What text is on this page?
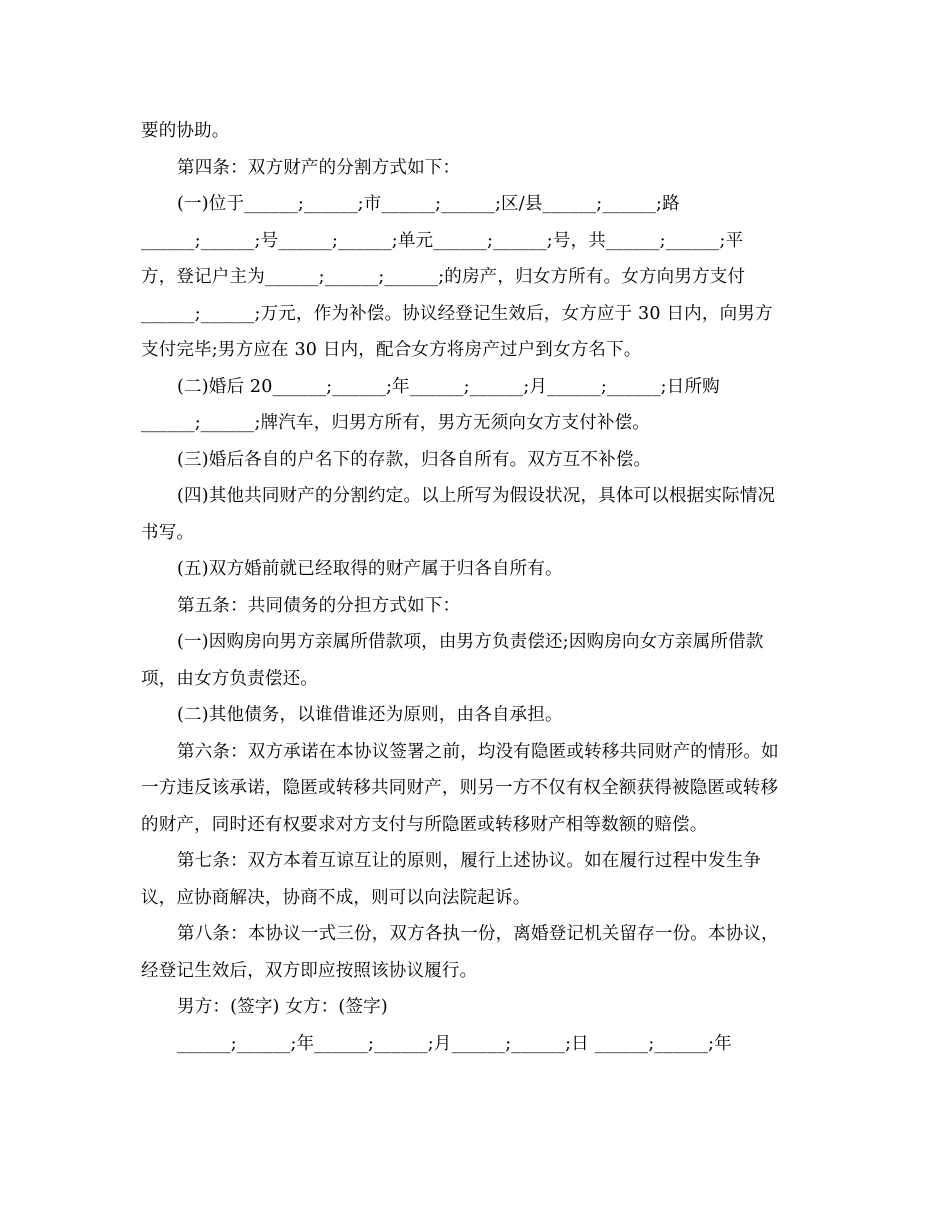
要的协助。
第四条：双方财产的分割方式如下：
(一)位于______;______;市______;______;区/县______;______;路
______;______;号______;______;单元______;______;号，共______;______;平
方，登记户主为______;______;______;的房产，归女方所有。女方向男方支付
______;______;万元，作为补偿。协议经登记生效后，女方应于 30 日内，向男方
支付完毕;男方应在 30 日内，配合女方将房产过户到女方名下。
(二)婚后 20______;______;年______;______;月______;______;日所购
______;______;牌汽车，归男方所有，男方无须向女方支付补偿。
(三)婚后各自的户名下的存款，归各自所有。双方互不补偿。
(四)其他共同财产的分割约定。以上所写为假设状况，具体可以根据实际情况
书写。
(五)双方婚前就已经取得的财产属于归各自所有。
第五条：共同债务的分担方式如下：
(一)因购房向男方亲属所借款项，由男方负责偿还;因购房向女方亲属所借款
项，由女方负责偿还。
(二)其他债务，以谁借谁还为原则，由各自承担。
第六条：双方承诺在本协议签署之前，均没有隐匿或转移共同财产的情形。如
一方违反该承诺，隐匿或转移共同财产，则另一方不仅有权全额获得被隐匿或转移
的财产，同时还有权要求对方支付与所隐匿或转移财产相等数额的赔偿。
第七条：双方本着互谅互让的原则，履行上述协议。如在履行过程中发生争
议，应协商解决，协商不成，则可以向法院起诉。
第八条：本协议一式三份，双方各执一份，离婚登记机关留存一份。本协议，
经登记生效后，双方即应按照该协议履行。
男方：(签字) 女方：(签字)
______;______;年______;______;月______;______;日 ______;______;年
